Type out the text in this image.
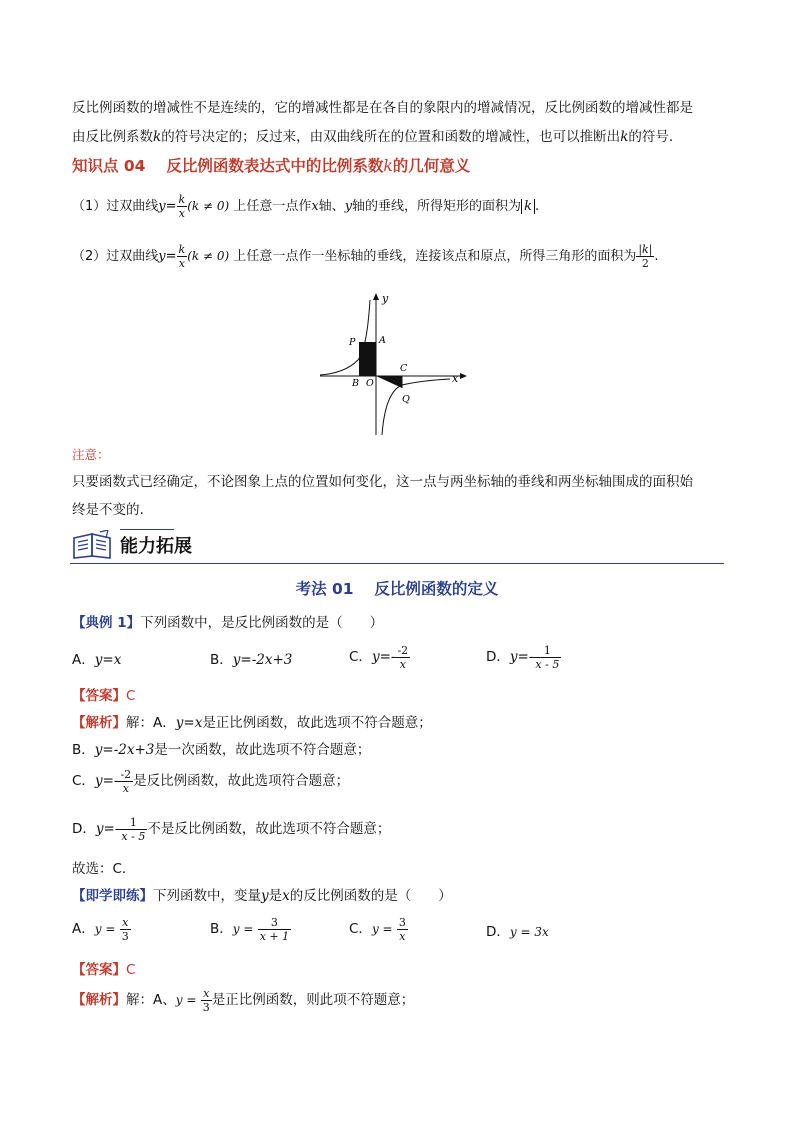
反比例函数的增减性不是连续的，它的增减性都是在各自的象限内的增减情况，反比例函数的增减性都是
由反比例系数k的符号决定的；反过来，由双曲线所在的位置和函数的增减性，也可以推断出k的符号.
知识点 04　 反比例函数表达式中的比例系数k的几何意义
（1）过双曲线$y= \frac{k}{x} (k \ne 0)$ 上任意一点作x轴、y轴的垂线，所得矩形的面积为 k .
（2）过双曲线$y= \frac{k}{x} (k \ne 0)$ 上任意一点作一坐标轴的垂线，连接该点和原点，所得三角形的面积为 $\frac{|k|}{2}$ .
y
x
P A
B O
C
Q
注意：
只要函数式已经确定，不论图象上点的位置如何变化，这一点与两坐标轴的垂线和两坐标轴围成的面积始
终是不变的.
能力拓展
考法 01　 反比例函数的定义
【典例 1】下列函数中，是反比例函数的是（　　）
A．y=x	B．y=-2x+3	C．$y=- \frac{-2}{x}$	D．$y=- \frac{1}{x - 5}$
【答案】C
【解析】解：A．y=x是正比例函数，故此选项不符合题意；
B．y=-2x+3是一次函数，故此选项不符合题意；
C．$y=- \frac{-2}{x}$ 是反比例函数，故此选项符合题意；
D．$y=- \frac{1}{x - 5}$ 不是反比例函数，故此选项不符合题意；
故选：C．
【即学即练】下列函数中，变量y是x的反比例函数的是（　　）
A．$y = \frac{x}{3}$	B．$y = \frac{3}{x + 1}$	C．$y = \frac{3}{x}$	D．y = 3x
【答案】C
【解析】解：A、$y = \frac{x}{3}$ 是正比例函数，则此项不符题意；
